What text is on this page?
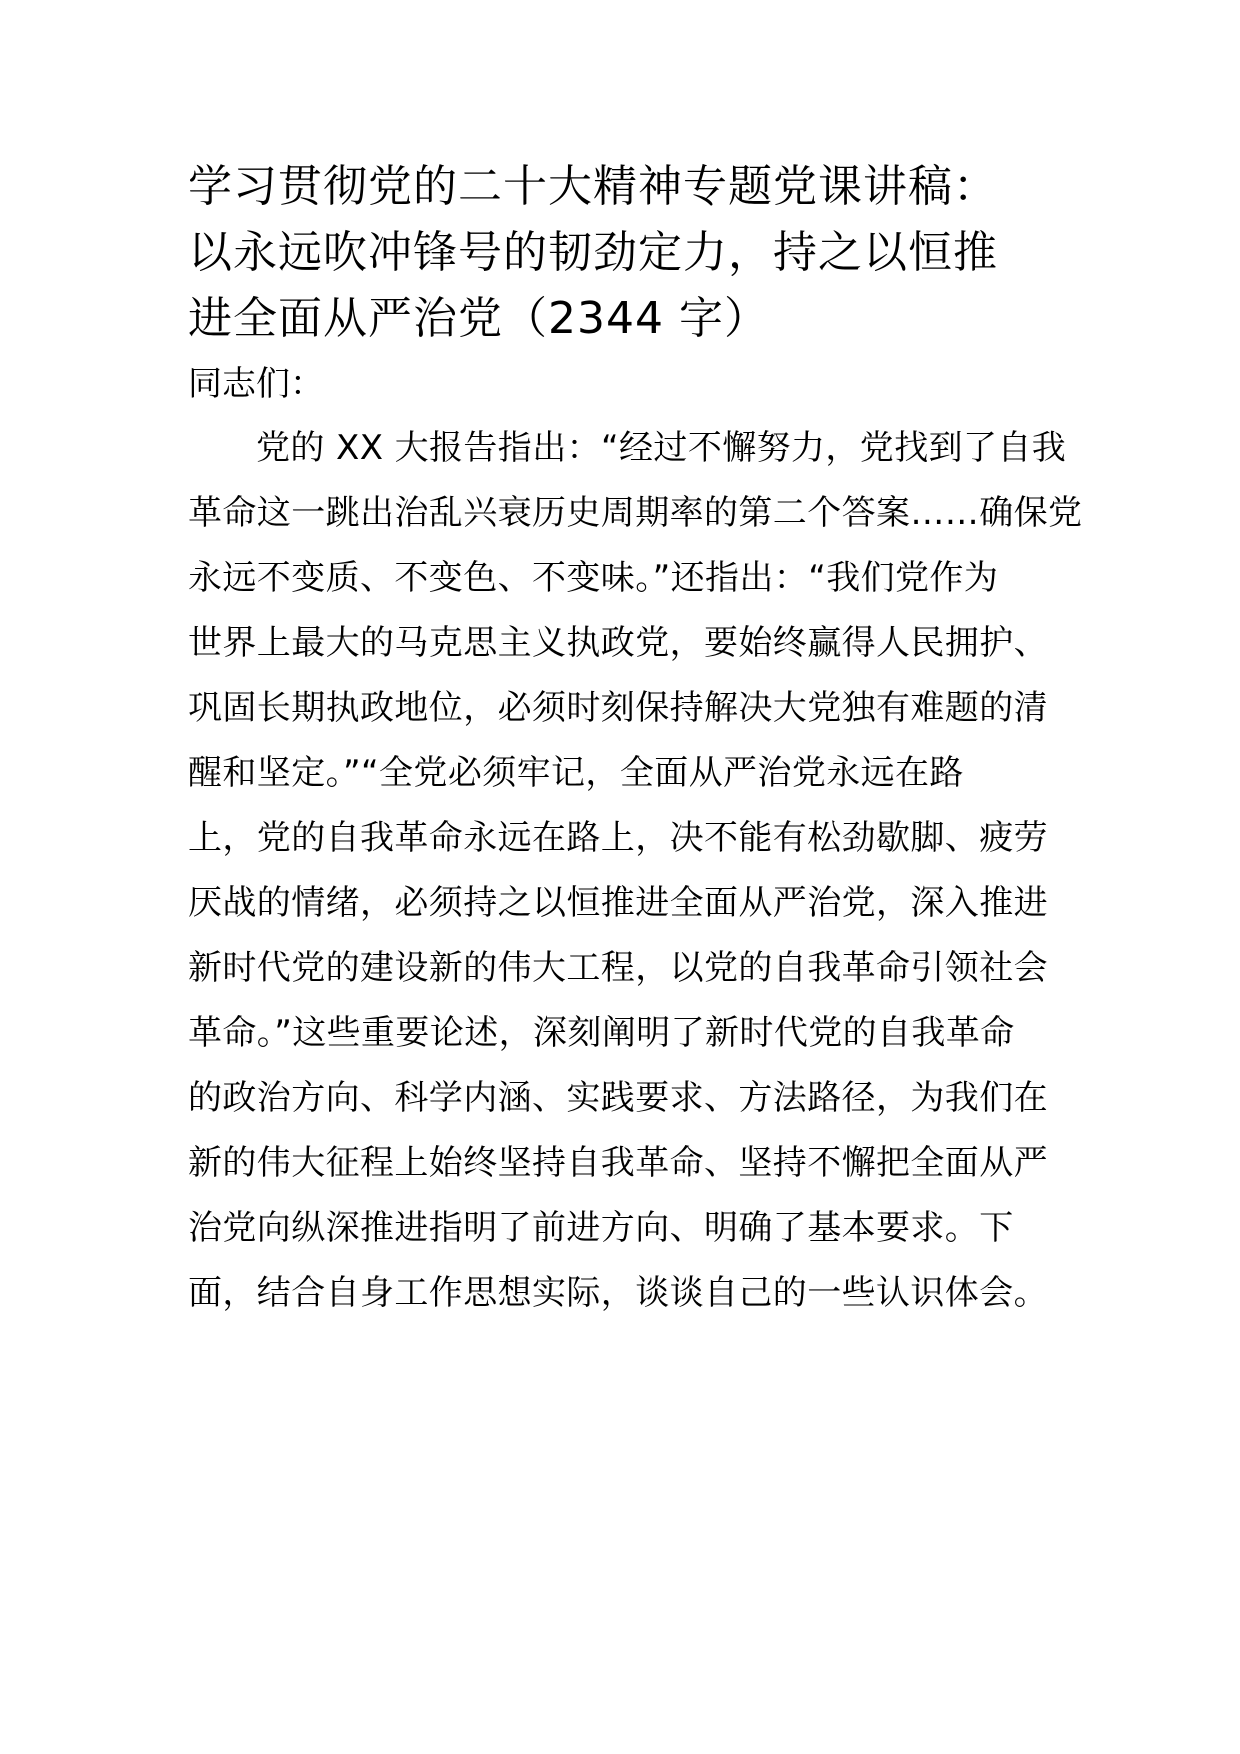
学习贯彻党的二十大精神专题党课讲稿：
以永远吹冲锋号的韧劲定力，持之以恒推
进全面从严治党（2344 字）

同志们：

党的 XX 大报告指出：“经过不懈努力，党找到了自我
革命这一跳出治乱兴衰历史周期率的第二个答案……确保党
永远不变质、不变色、不变味。”还指出：“我们党作为
世界上最大的马克思主义执政党，要始终赢得人民拥护、
巩固长期执政地位，必须时刻保持解决大党独有难题的清
醒和坚定。”“全党必须牢记，全面从严治党永远在路
上，党的自我革命永远在路上，决不能有松劲歇脚、疲劳
厌战的情绪，必须持之以恒推进全面从严治党，深入推进
新时代党的建设新的伟大工程，以党的自我革命引领社会
革命。”这些重要论述，深刻阐明了新时代党的自我革命
的政治方向、科学内涵、实践要求、方法路径，为我们在
新的伟大征程上始终坚持自我革命、坚持不懈把全面从严
治党向纵深推进指明了前进方向、明确了基本要求。下
面，结合自身工作思想实际，谈谈自己的一些认识体会。
